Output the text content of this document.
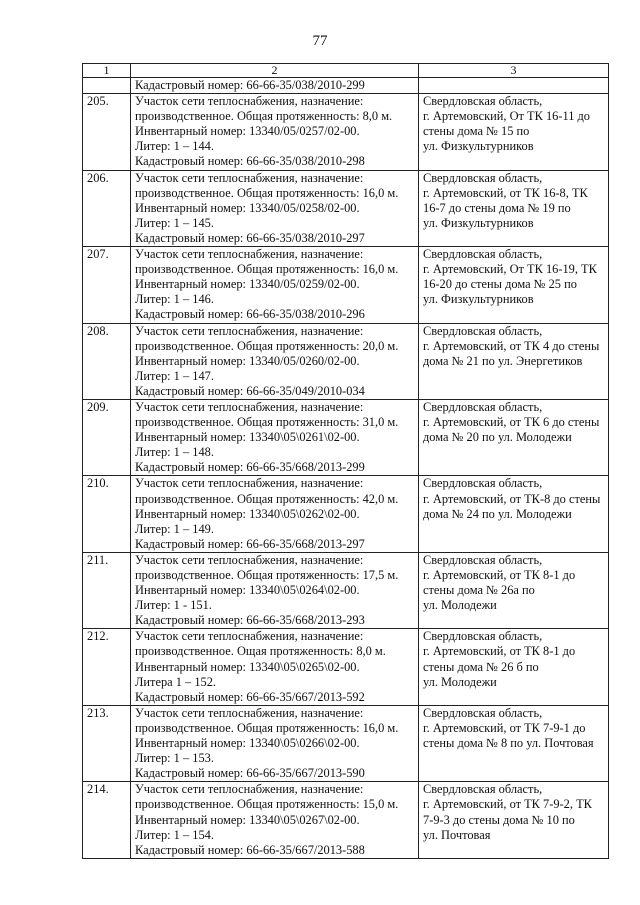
77
1	2	3

	Кадастровый номер: 66-66-35/038/2010-299	

205.	Участок сети теплоснабжения, назначение:
производственное. Общая протяженность: 8,0 м.
Инвентарный номер: 13340/05/0257/02-00.
Литер: 1 – 144.
Кадастровый номер: 66-66-35/038/2010-298	Свердловская область,
г. Артемовский, От ТК 16-11 до
стены дома № 15 по
ул. Физкультурников

206.	Участок сети теплоснабжения, назначение:
производственное. Общая протяженность: 16,0 м.
Инвентарный номер: 13340/05/0258/02-00.
Литер: 1 – 145.
Кадастровый номер: 66-66-35/038/2010-297	Свердловская область,
г. Артемовский, от ТК 16-8, ТК
16-7 до стены дома № 19 по
ул. Физкультурников

207.	Участок сети теплоснабжения, назначение:
производственное. Общая протяженность: 16,0 м.
Инвентарный номер: 13340/05/0259/02-00.
Литер: 1 – 146.
Кадастровый номер: 66-66-35/038/2010-296	Свердловская область,
г. Артемовский, От ТК 16-19, ТК
16-20 до стены дома № 25 по
ул. Физкультурников

208.	Участок сети теплоснабжения, назначение:
производственное. Общая протяженность: 20,0 м.
Инвентарный номер: 13340/05/0260/02-00.
Литер: 1 – 147.
Кадастровый номер: 66-66-35/049/2010-034	Свердловская область,
г. Артемовский, от ТК 4 до стены
дома № 21 по ул. Энергетиков

209.	Участок сети теплоснабжения, назначение:
производственное. Общая протяженность: 31,0 м.
Инвентарный номер: 13340\05\0261\02-00.
Литер: 1 – 148.
Кадастровый номер: 66-66-35/668/2013-299	Свердловская область,
г. Артемовский, от ТК 6 до стены
дома № 20 по ул. Молодежи

210.	Участок сети теплоснабжения, назначение:
производственное. Общая протяженность: 42,0 м.
Инвентарный номер: 13340\05\0262\02-00.
Литер: 1 – 149.
Кадастровый номер: 66-66-35/668/2013-297	Свердловская область,
г. Артемовский, от ТК-8 до стены
дома № 24 по ул. Молодежи

211.	Участок сети теплоснабжения, назначение:
производственное. Общая протяженность: 17,5 м.
Инвентарный номер: 13340\05\0264\02-00.
Литер: 1 - 151.
Кадастровый номер: 66-66-35/668/2013-293	Свердловская область,
г. Артемовский, от ТК 8-1 до
стены дома № 26а по
ул. Молодежи

212.	Участок сети теплоснабжения, назначение:
производственное. Ощая протяженность: 8,0 м.
Инвентарный номер: 13340\05\0265\02-00.
Литера 1 – 152.
Кадастровый номер: 66-66-35/667/2013-592	Свердловская область,
г. Артемовский, от ТК 8-1 до
стены дома № 26 б по
ул. Молодежи

213.	Участок сети теплоснабжения, назначение:
производственное. Общая протяженность: 16,0 м.
Инвентарный номер: 13340\05\0266\02-00.
Литер: 1 – 153.
Кадастровый номер: 66-66-35/667/2013-590	Свердловская область,
г. Артемовский, от ТК 7-9-1 до
стены дома № 8 по ул. Почтовая

214.	Участок сети теплоснабжения, назначение:
производственное. Общая протяженность: 15,0 м.
Инвентарный номер: 13340\05\0267\02-00.
Литер: 1 – 154.
Кадастровый номер: 66-66-35/667/2013-588	Свердловская область,
г. Артемовский, от ТК 7-9-2, ТК
7-9-3 до стены дома № 10 по
ул. Почтовая
